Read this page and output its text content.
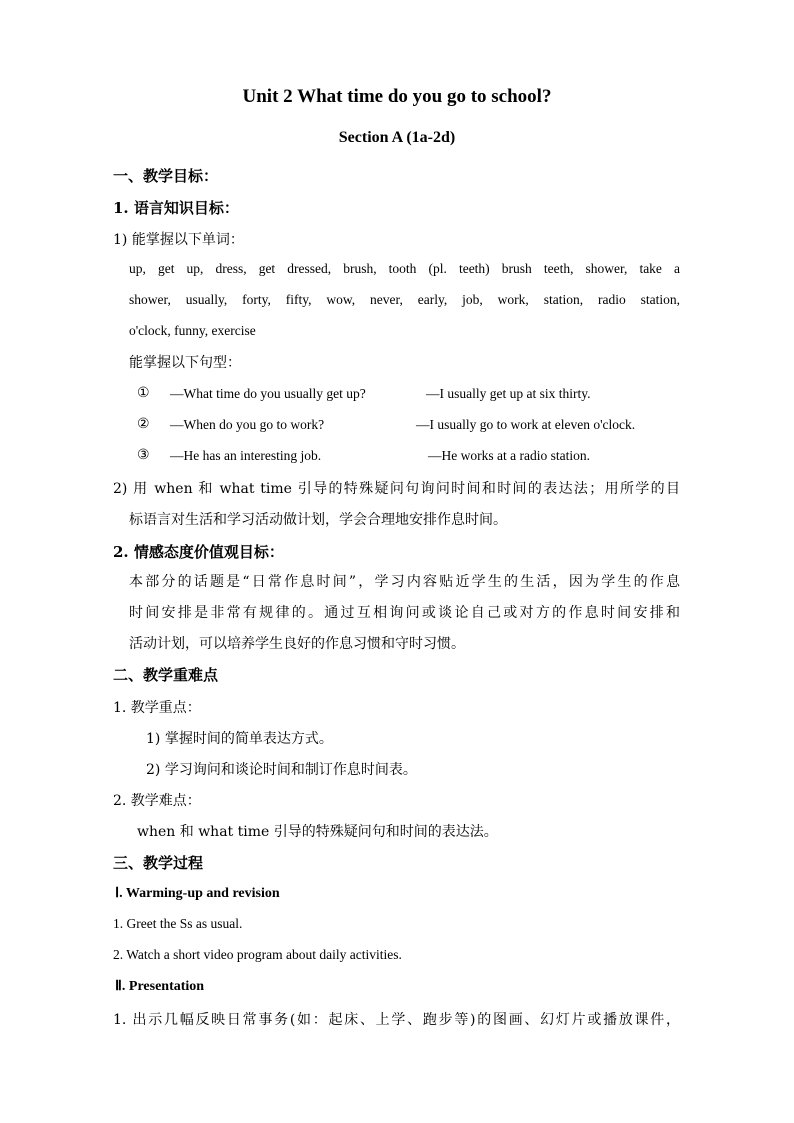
Unit 2 What time do you go to school?
Section A (1a-2d)
一、教学目标：
1. 语言知识目标：
1) 能掌握以下单词：
up, get up, dress, get dressed, brush, tooth (pl. teeth) brush teeth, shower, take a
shower, usually, forty, fifty, wow, never, early, job, work, station, radio station,
o'clock, funny, exercise
能掌握以下句型：
① —What time do you usually get up?	—I usually get up at six thirty.
② —When do you go to work?	—I usually go to work at eleven o'clock.
③ —He has an interesting job.	—He works at a radio station.
2) 用 when 和 what time 引导的特殊疑问句询问时间和时间的表达法；用所学的目
标语言对生活和学习活动做计划，学会合理地安排作息时间。
2. 情感态度价值观目标：
本部分的话题是“日常作息时间”，学习内容贴近学生的生活，因为学生的作息
时间安排是非常有规律的。通过互相询问或谈论自己或对方的作息时间安排和
活动计划，可以培养学生良好的作息习惯和守时习惯。
二、教学重难点
1. 教学重点：
1) 掌握时间的简单表达方式。
2) 学习询问和谈论时间和制订作息时间表。
2. 教学难点：
when 和 what time 引导的特殊疑问句和时间的表达法。
三、教学过程
Ⅰ. Warming-up and revision
1. Greet the Ss as usual.
2. Watch a short video program about daily activities.
Ⅱ. Presentation
1. 出示几幅反映日常事务(如：起床、上学、跑步等)的图画、幻灯片或播放课件，
